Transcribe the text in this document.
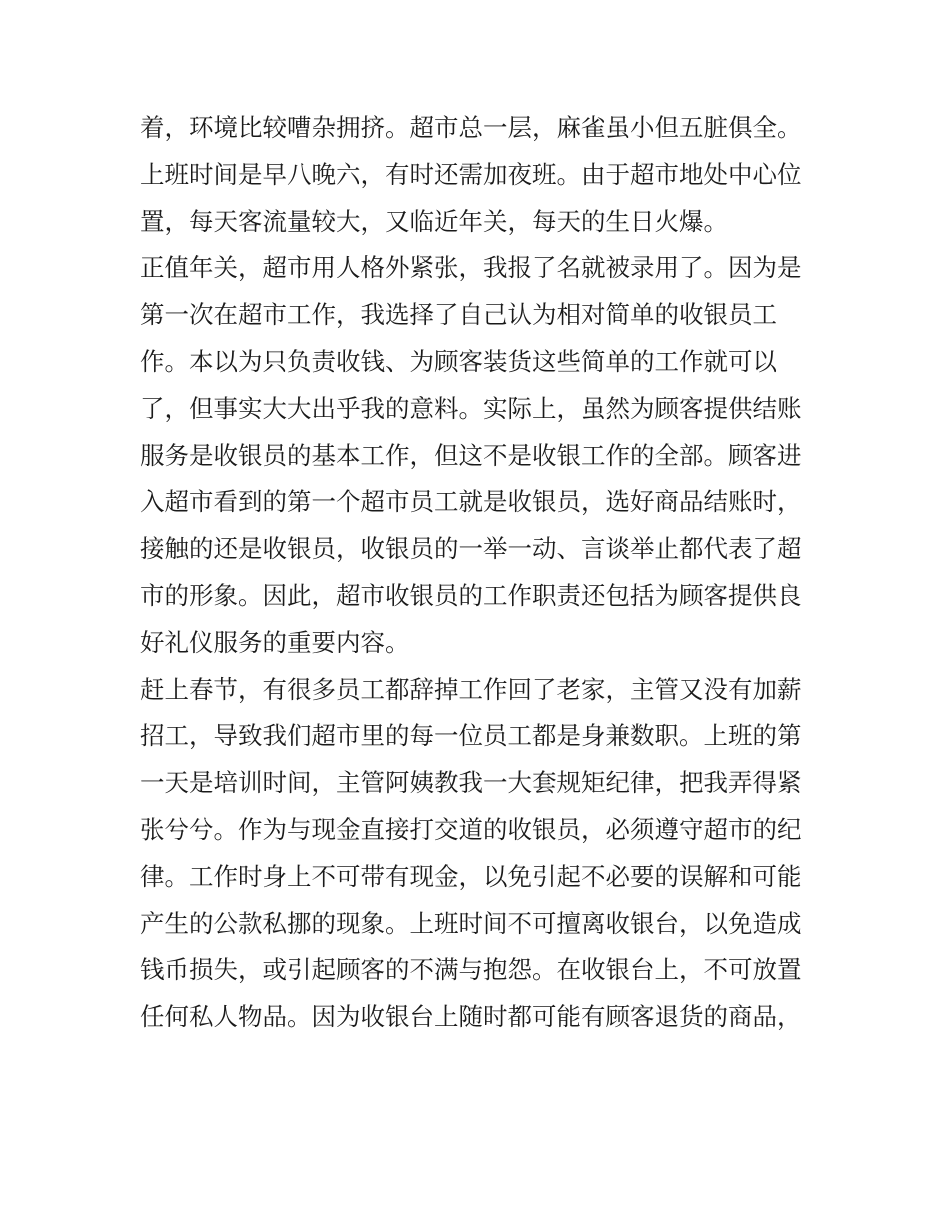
着，环境比较嘈杂拥挤。超市总一层，麻雀虽小但五脏俱全。
上班时间是早八晚六，有时还需加夜班。由于超市地处中心位
置，每天客流量较大，又临近年关，每天的生日火爆。
正值年关，超市用人格外紧张，我报了名就被录用了。因为是
第一次在超市工作，我选择了自己认为相对简单的收银员工
作。本以为只负责收钱、为顾客装货这些简单的工作就可以
了，但事实大大出乎我的意料。实际上，虽然为顾客提供结账
服务是收银员的基本工作，但这不是收银工作的全部。顾客进
入超市看到的第一个超市员工就是收银员，选好商品结账时，
接触的还是收银员，收银员的一举一动、言谈举止都代表了超
市的形象。因此，超市收银员的工作职责还包括为顾客提供良
好礼仪服务的重要内容。
赶上春节，有很多员工都辞掉工作回了老家，主管又没有加薪
招工，导致我们超市里的每一位员工都是身兼数职。上班的第
一天是培训时间，主管阿姨教我一大套规矩纪律，把我弄得紧
张兮兮。作为与现金直接打交道的收银员，必须遵守超市的纪
律。工作时身上不可带有现金，以免引起不必要的误解和可能
产生的公款私挪的现象。上班时间不可擅离收银台，以免造成
钱币损失，或引起顾客的不满与抱怨。在收银台上，不可放置
任何私人物品。因为收银台上随时都可能有顾客退货的商品，
